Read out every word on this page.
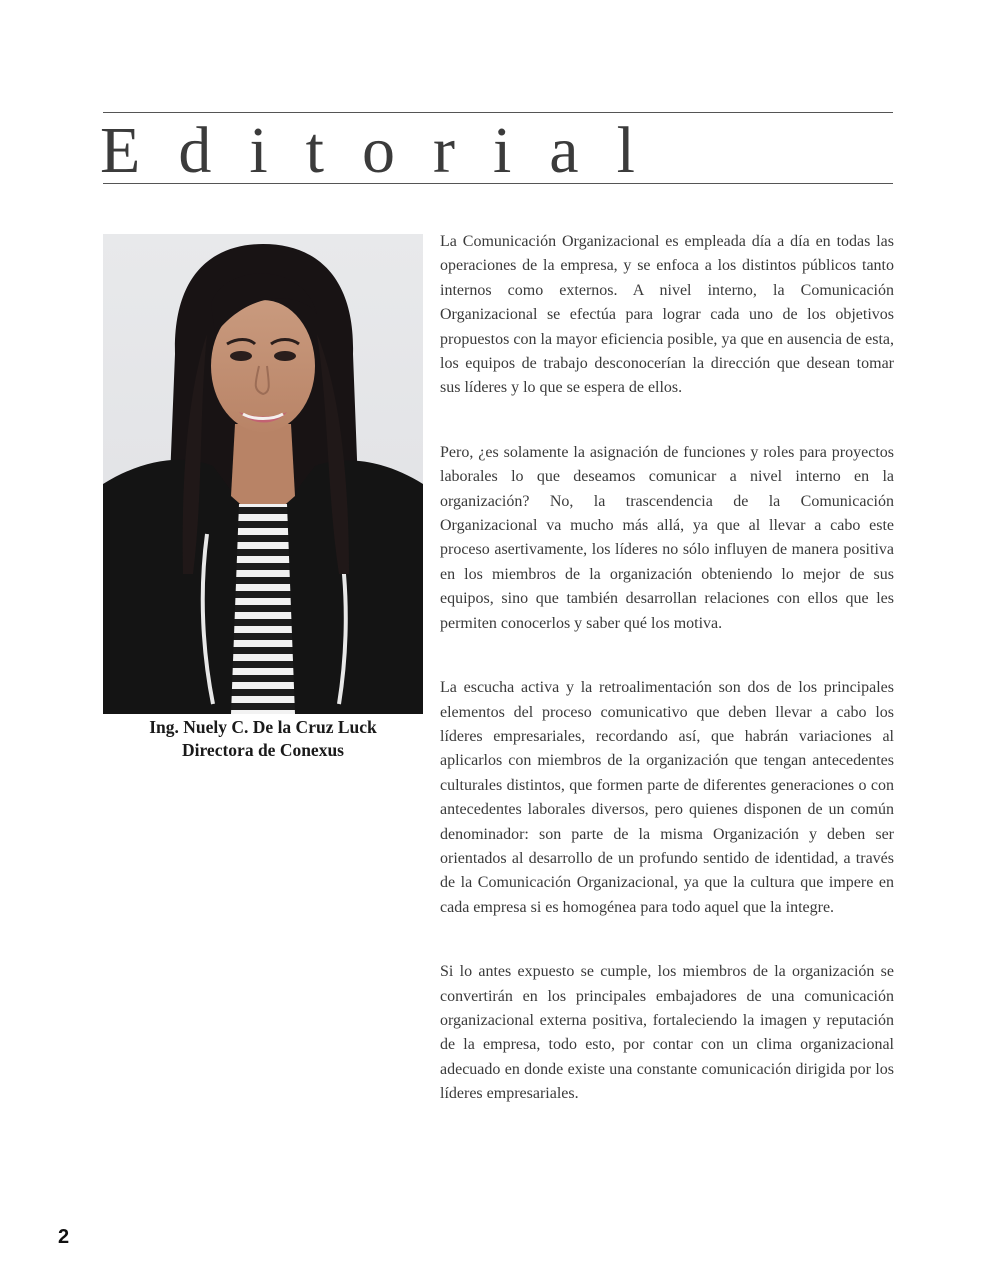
Editorial
Ing. Nuely C. De la Cruz Luck
Directora de Conexus

La Comunicación Organizacional es empleada día a día en todas las operaciones de la empresa, y se enfoca a los distintos públicos tanto internos como externos. A nivel interno, la Comunicación Organizacional se efectúa para lograr cada uno de los objetivos propuestos con la mayor eficiencia posible, ya que en ausencia de esta, los equipos de trabajo desconocerían la dirección que desean tomar sus líderes y lo que se espera de ellos.

Pero, ¿es solamente la asignación de funciones y roles para proyectos laborales lo que deseamos comunicar a nivel interno en la organización? No, la trascendencia de la Comunicación Organizacional va mucho más allá, ya que al llevar a cabo este proceso asertivamente, los líderes no sólo influyen de manera positiva en los miembros de la organización obteniendo lo mejor de sus equipos, sino que también desarrollan relaciones con ellos que les permiten conocerlos y saber qué los motiva.

La escucha activa y la retroalimentación son dos de los principales elementos del proceso comunicativo que deben llevar a cabo los líderes empresariales, recordando así, que habrán variaciones al aplicarlos con miembros de la organización que tengan antecedentes culturales distintos, que formen parte de diferentes generaciones o con antecedentes laborales diversos, pero quienes disponen de un común denominador: son parte de la misma Organización y deben ser orientados al desarrollo de un profundo sentido de identidad, a través de la Comunicación Organizacional, ya que la cultura que impere en cada empresa si es homogénea para todo aquel que la integre.

Si lo antes expuesto se cumple, los miembros de la organización se convertirán en los principales embajadores de una comunicación organizacional externa positiva, fortaleciendo la imagen y reputación de la empresa, todo esto, por contar con un clima organizacional adecuado en donde existe una constante comunicación dirigida por los líderes empresariales.

2
